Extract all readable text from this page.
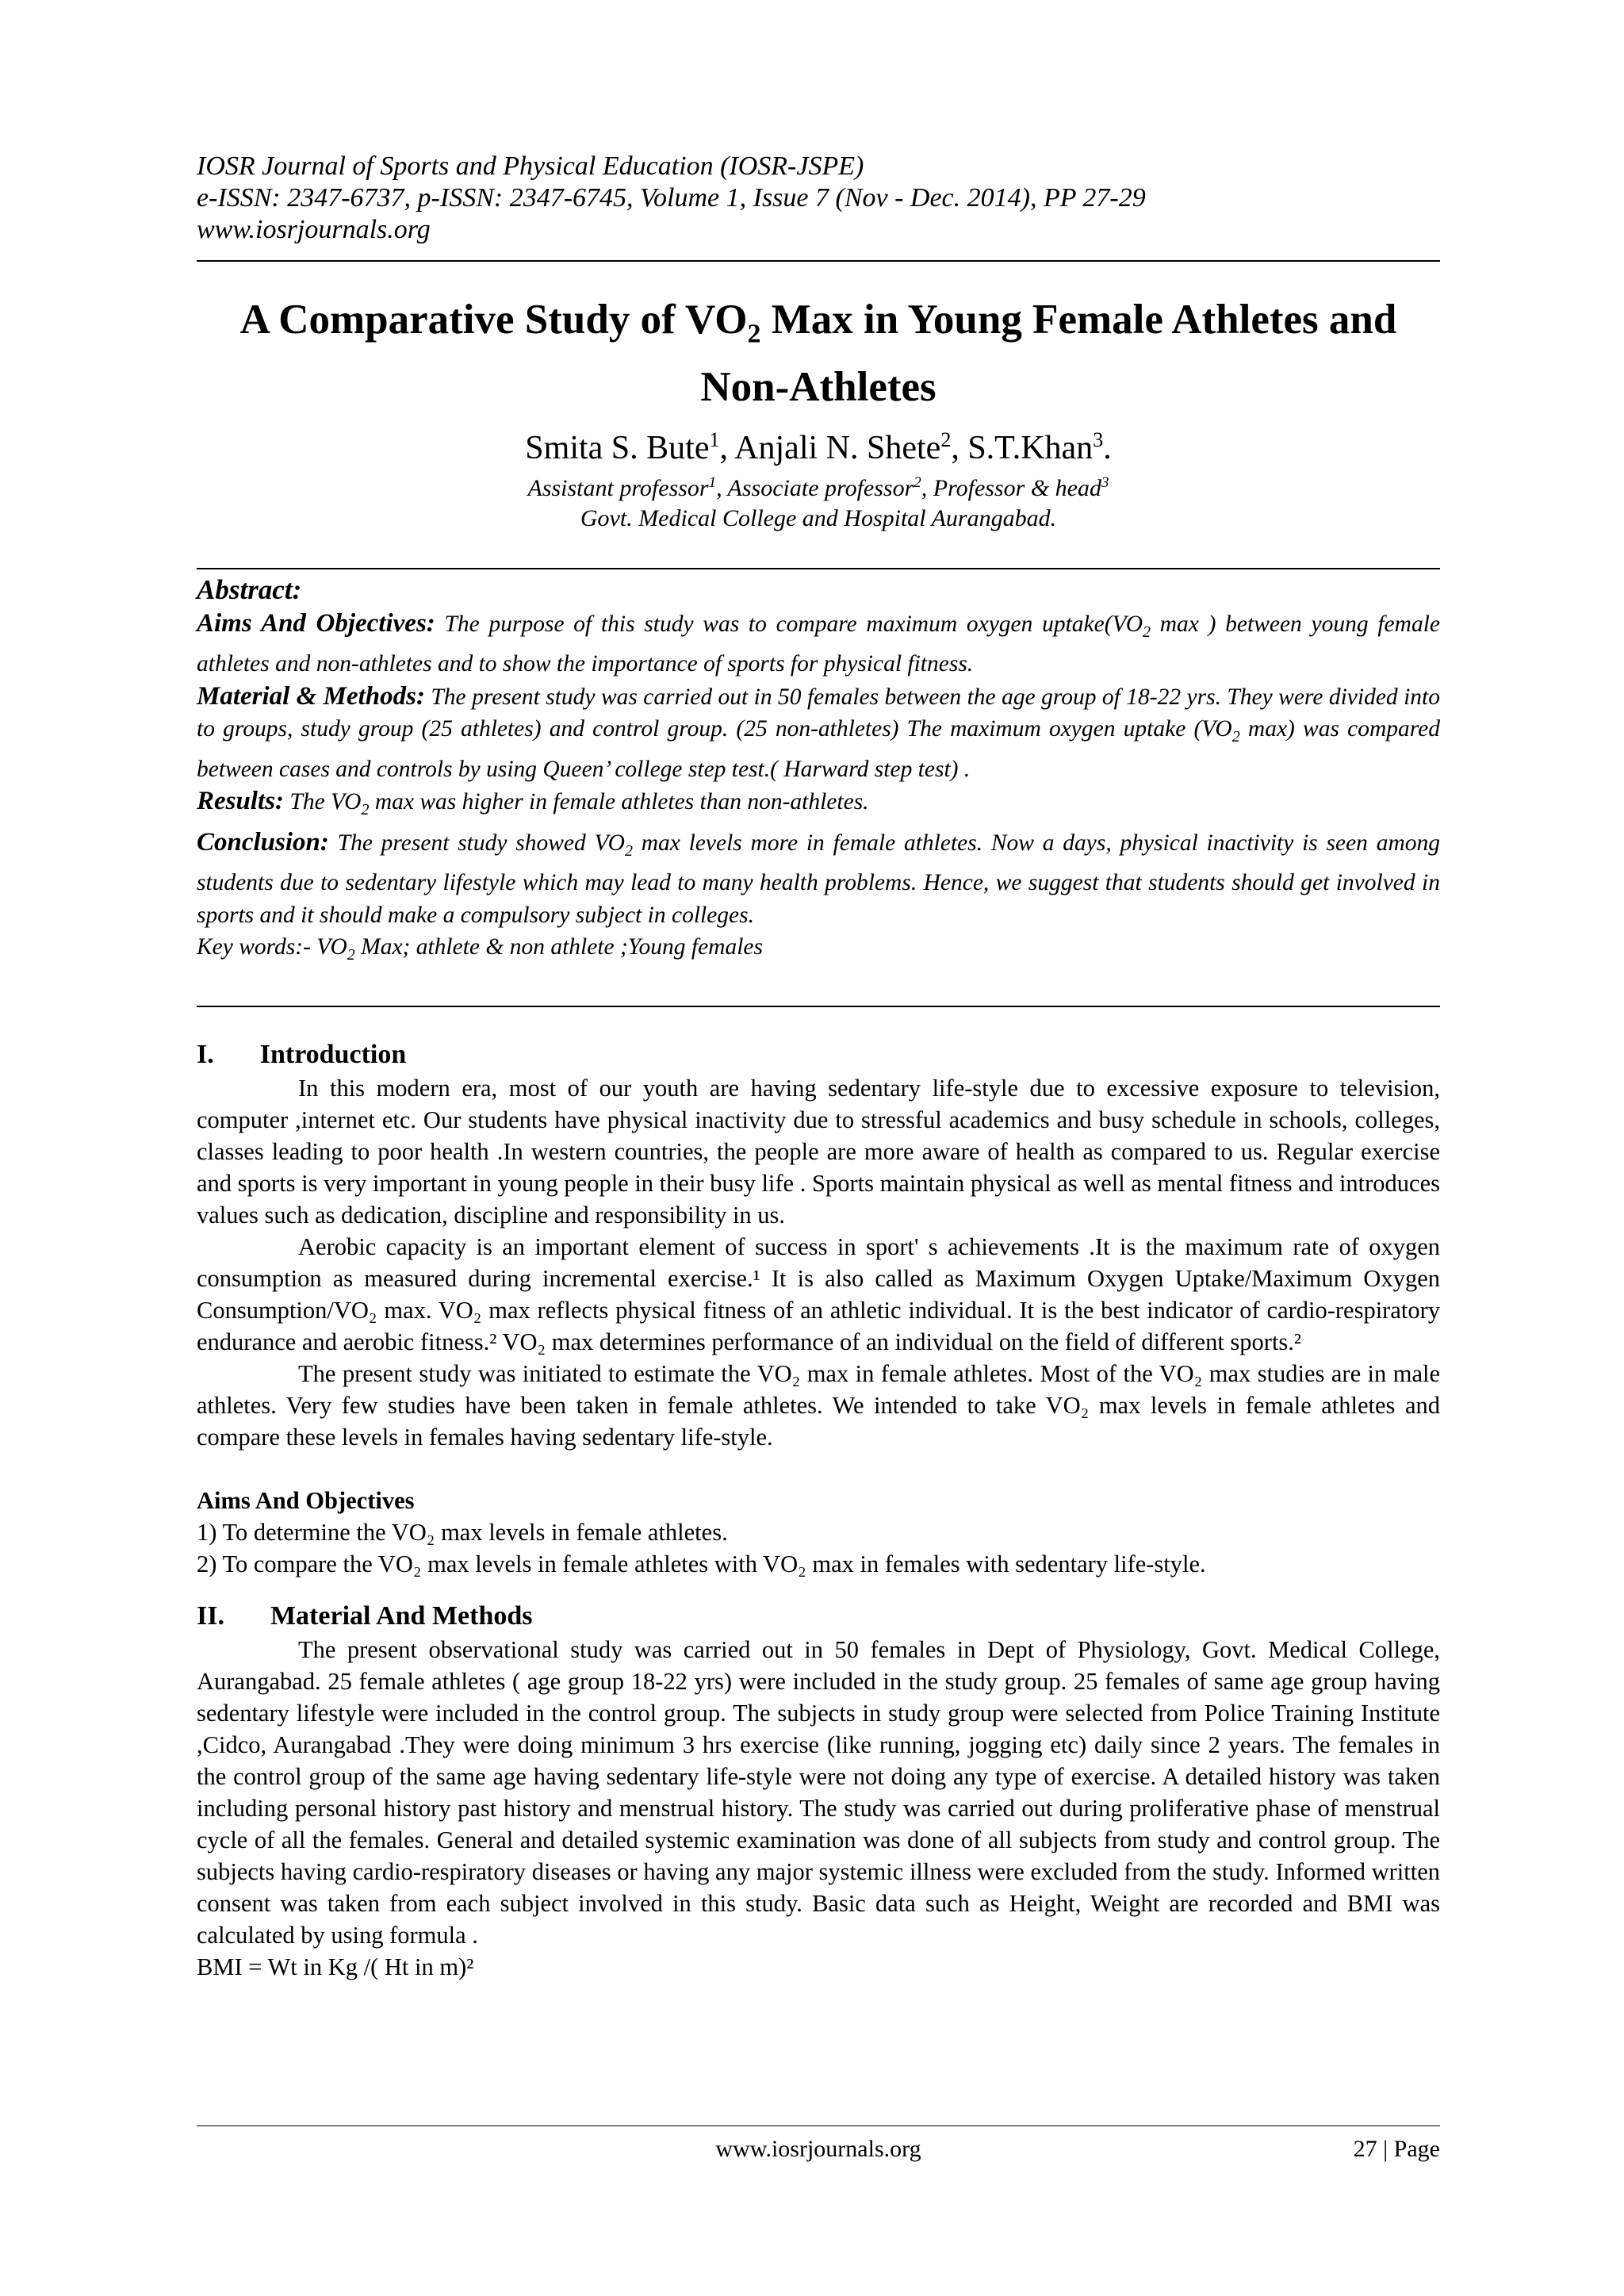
IOSR Journal of Sports and Physical Education (IOSR-JSPE)
e-ISSN: 2347-6737, p-ISSN: 2347-6745, Volume 1, Issue 7 (Nov - Dec. 2014), PP 27-29
www.iosrjournals.org
A Comparative Study of $VO_2$ Max in Young Female Athletes and
Non-Athletes
Smita S. Bute$^1$, Anjali N. Shete$^2$, S.T.Khan$^3$.
Assistant professor$^1$, Associate professor$^2$, Professor & head$^3$
Govt. Medical College and Hospital Aurangabad.

Abstract:

Aims And Objectives: The purpose of this study was to compare maximum oxygen $uptake(VO_2$ max ) between young female athletes and non-athletes and to show the importance of sports for physical fitness.

Material & Methods: The present study was carried out in 50 females between the age group of 18-22 yrs. They were divided into to groups, study group (25 athletes) and control group. (25 non-athletes) The maximum oxygen uptake ($VO_2$ max) was compared between cases and controls by using Queen’ college step test.( Harward step test) .

Results: The $VO_2$ max was higher in female athletes than non-athletes.

Conclusion: The present study showed $VO_2$ max levels more in female athletes. Now a days, physical inactivity is seen among students due to sedentary lifestyle which may lead to many health problems. Hence, we suggest that students should get involved in sports and it should make a compulsory subject in colleges.

Key words:- $VO_2$ Max; athlete & non athlete ;Young females

I. Introduction

In this modern era, most of our youth are having sedentary life-style due to excessive exposure to television, computer ,internet etc. Our students have physical inactivity due to stressful academics and busy schedule in schools, colleges, classes leading to poor health .In western countries, the people are more aware of health as compared to us. Regular exercise and sports is very important in young people in their busy life . Sports maintain physical as well as mental fitness and introduces values such as dedication, discipline and responsibility in us.

Aerobic capacity is an important element of success in sport' s achievements .It is the maximum rate of oxygen consumption as measured during incremental exercise.¹ It is also called as Maximum Oxygen Uptake/Maximum Oxygen Consumption/VO₂ max. VO₂ max reflects physical fitness of an athletic individual. It is the best indicator of cardio-respiratory endurance and aerobic fitness.² VO₂ max determines performance of an individual on the field of different sports.²

The present study was initiated to estimate the VO₂ max in female athletes. Most of the VO₂ max studies are in male athletes. Very few studies have been taken in female athletes. We intended to take VO₂ max levels in female athletes and compare these levels in females having sedentary life-style.

Aims And Objectives

1) To determine the VO₂ max levels in female athletes.

2) To compare the VO₂ max levels in female athletes with VO₂ max in females with sedentary life-style.

II. Material And Methods

The present observational study was carried out in 50 females in Dept of Physiology, Govt. Medical College, Aurangabad. 25 female athletes ( age group 18-22 yrs) were included in the study group. 25 females of same age group having sedentary lifestyle were included in the control group. The subjects in study group were selected from Police Training Institute ,Cidco, Aurangabad .They were doing minimum 3 hrs exercise (like running, jogging etc) daily since 2 years. The females in the control group of the same age having sedentary life-style were not doing any type of exercise. A detailed history was taken including personal history past history and menstrual history. The study was carried out during proliferative phase of menstrual cycle of all the females. General and detailed systemic examination was done of all subjects from study and control group. The subjects having cardio-respiratory diseases or having any major systemic illness were excluded from the study. Informed written consent was taken from each subject involved in this study. Basic data such as Height, Weight are recorded and BMI was calculated by using formula .

BMI = Wt in Kg /( Ht in m)²

www.iosrjournals.org	27 | Page
